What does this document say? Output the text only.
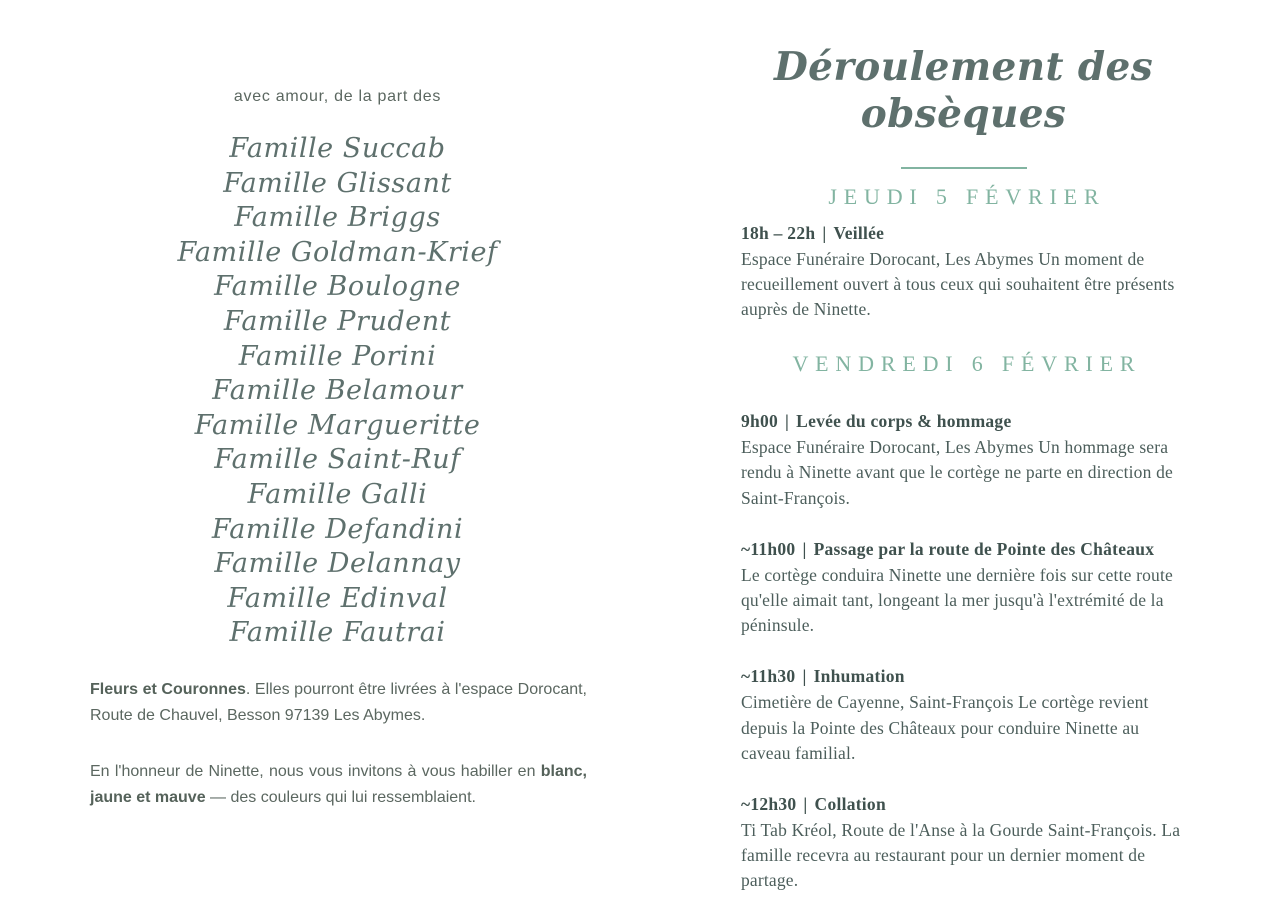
avec amour, de la part des
Famille Succab
Famille Glissant
Famille Briggs
Famille Goldman-Krief
Famille Boulogne
Famille Prudent
Famille Porini
Famille Belamour
Famille Margueritte
Famille Saint-Ruf
Famille Galli
Famille Defandini
Famille Delannay
Famille Edinval
Famille Fautrai

Fleurs et Couronnes. Elles pourront être livrées à l'espace Dorocant, Route de Chauvel, Besson 97139 Les Abymes.

En l'honneur de Ninette, nous vous invitons à vous habiller en blanc, jaune et mauve — des couleurs qui lui ressemblaient.

Déroulement des obsèques
JEUDI 5 FÉVRIER
18h – 22h | Veillée
Espace Funéraire Dorocant, Les Abymes Un moment de recueillement ouvert à tous ceux qui souhaitent être présents auprès de Ninette.
VENDREDI 6 FÉVRIER
9h00 | Levée du corps & hommage
Espace Funéraire Dorocant, Les Abymes Un hommage sera rendu à Ninette avant que le cortège ne parte en direction de Saint-François.
~11h00 | Passage par la route de Pointe des Châteaux
Le cortège conduira Ninette une dernière fois sur cette route qu'elle aimait tant, longeant la mer jusqu'à l'extrémité de la péninsule.
~11h30 | Inhumation
Cimetière de Cayenne, Saint-François Le cortège revient depuis la Pointe des Châteaux pour conduire Ninette au caveau familial.
~12h30 | Collation
Ti Tab Kréol, Route de l'Anse à la Gourde Saint-François. La famille recevra au restaurant pour un dernier moment de partage.
